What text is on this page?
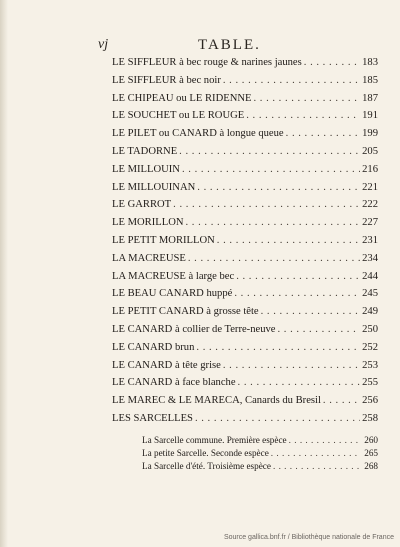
vj	TABLE.
LE SIFFLEUR à bec rouge & narines jaunes . . .	183
LE SIFFLEUR à bec noir . . .	185
LE CHIPEAU ou LE RIDENNE . . .	187
LE SOUCHET ou LE ROUGE . . .	191
LE PILET ou CANARD à longue queue . . .	199
LE TADORNE . . .	205
LE MILLOUIN . . .	216
LE MILLOUINAN . . .	221
LE GARROT . . .	222
LE MORILLON . . .	227
LE PETIT MORILLON . . .	231
LA MACREUSE . . .	234
LA MACREUSE à large bec . . .	244
LE BEAU CANARD huppé . . .	245
LE PETIT CANARD à grosse tête . . .	249
LE CANARD à collier de Terre-neuve . . .	250
LE CANARD brun . . .	252
LE CANARD à tête grise . . .	253
LE CANARD à face blanche . . .	255
LE MAREC & LE MARECA, Canards du Bresil . . .	256
LES SARCELLES . . .	258
La Sarcelle commune. Première espèce . . .	260
La petite Sarcelle. Seconde espèce . . .	265
La Sarcelle d'été. Troisième espèce . . .	268
Source gallica.bnf.fr / Bibliothèque nationale de France
